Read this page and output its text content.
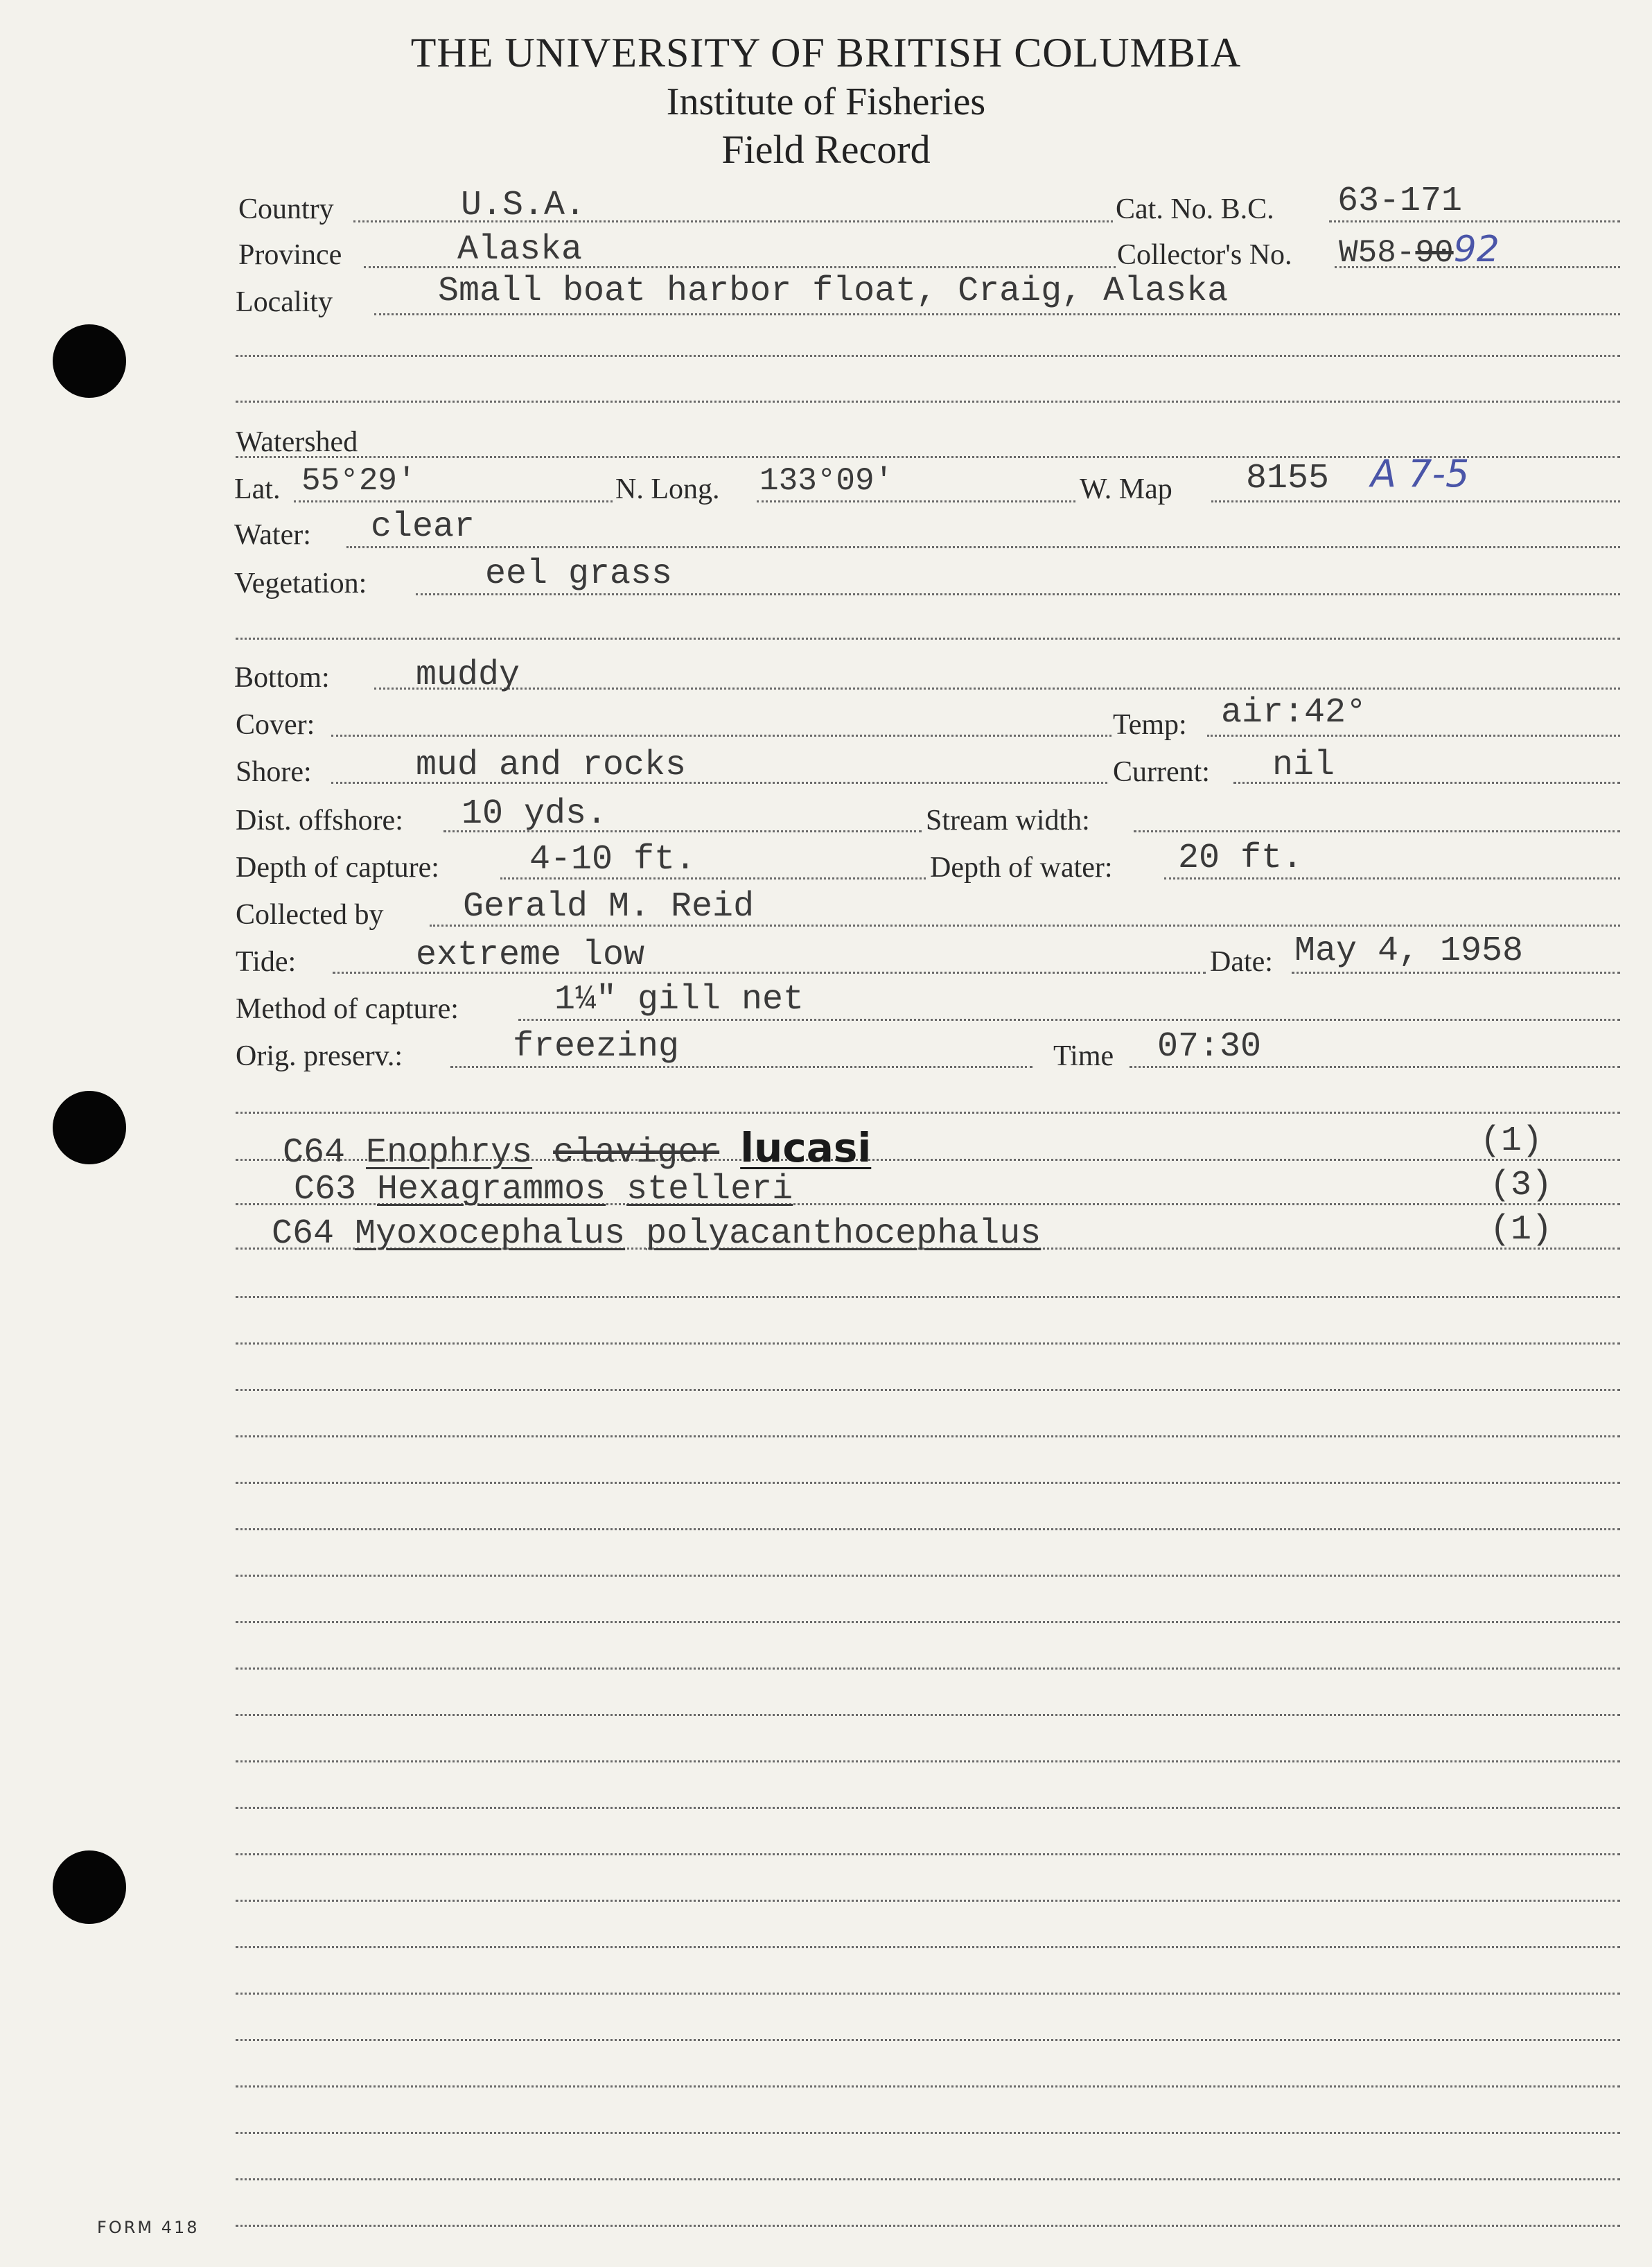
THE UNIVERSITY OF BRITISH COLUMBIA
Institute of Fisheries
Field Record
Country	U.S.A.	Cat. No. B.C. 63-171
Province	Alaska	Collector's No. W58-9092
Locality	Small boat harbor float, Craig, Alaska
Watershed
Lat. 55°29'	N. Long. 133°09'	W. Map 8155 A 7-5
Water: clear
Vegetation:	eel grass
Bottom: muddy
Cover:	Temp: air:42°
Shore:	mud and rocks	Current: nil
Dist. offshore: 10 yds.	Stream width:
Depth of capture:	4-10 ft.	Depth of water: 20 ft.
Collected by Gerald M. Reid
Tide:	extreme low	Date: May 4, 1958
Method of capture:	1¼" gill net
Orig. preserv.:	freezing	Time 07:30
C64 Enophrys claviger lucasi	(1)
C63 Hexagrammos stelleri	(3)
C64 Myoxocephalus polyacanthocephalus	(1)
FORM 418
